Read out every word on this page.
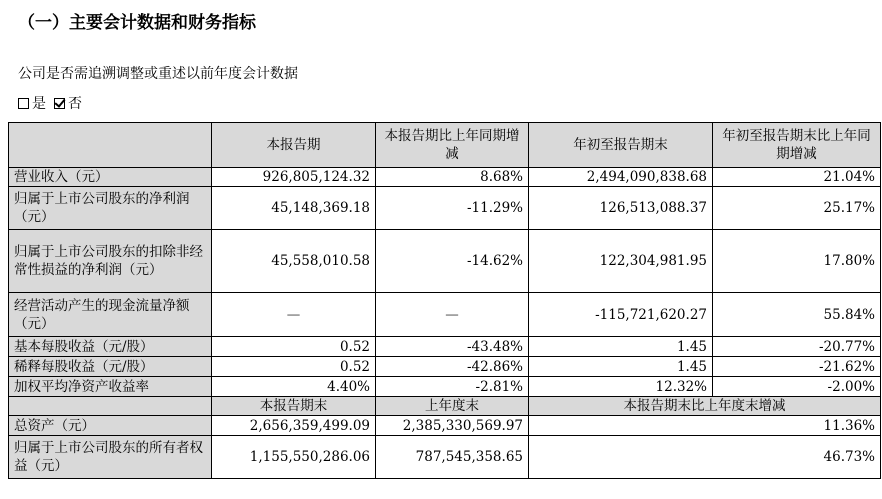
（一）主要会计数据和财务指标
公司是否需追溯调整或重述以前年度会计数据
是 否
	本报告期	本报告期比上年同期增减	年初至报告期末	年初至报告期末比上年同期增减
营业收入（元）	926,805,124.32	8.68%	2,494,090,838.68	21.04%
归属于上市公司股东的净利润（元）	45,148,369.18	-11.29%	126,513,088.37	25.17%
归属于上市公司股东的扣除非经常性损益的净利润（元）	45,558,010.58	-14.62%	122,304,981.95	17.80%
经营活动产生的现金流量净额（元）	—	—	-115,721,620.27	55.84%
基本每股收益（元/股）	0.52	-43.48%	1.45	-20.77%
稀释每股收益（元/股）	0.52	-42.86%	1.45	-21.62%
加权平均净资产收益率	4.40%	-2.81%	12.32%	-2.00%
	本报告期末	上年度末	本报告期末比上年度末增减	
总资产（元）	2,656,359,499.09	2,385,330,569.97	11.36%	
归属于上市公司股东的所有者权益（元）	1,155,550,286.06	787,545,358.65	46.73%	
